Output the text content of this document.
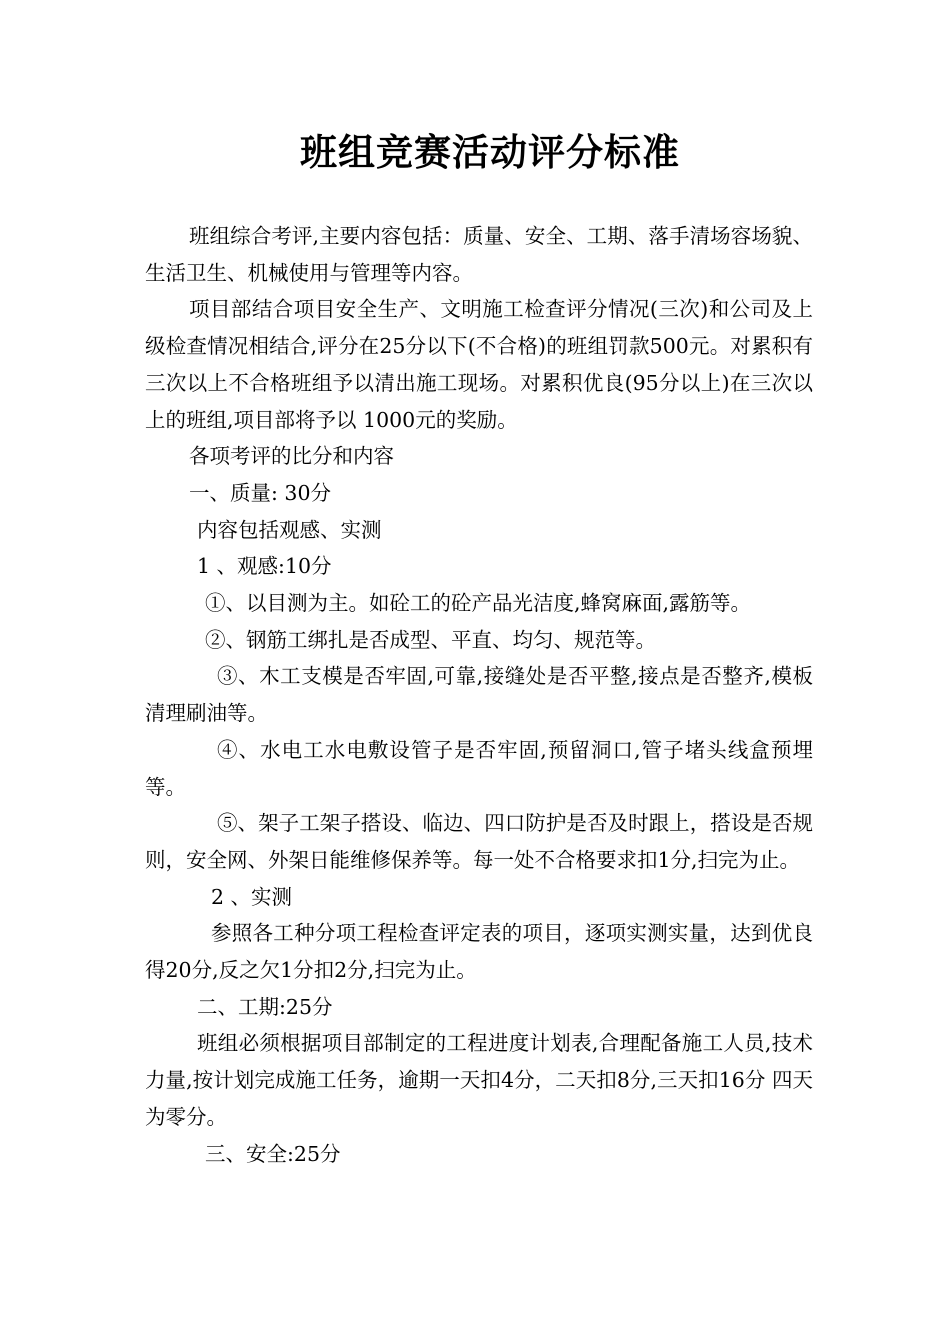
班组竞赛活动评分标准

班组综合考评,主要内容包括：质量、安全、工期、落手清场容场貌、生活卫生、机械使用与管理等内容。

项目部结合项目安全生产、文明施工检查评分情况(三次)和公司及上级检查情况相结合,评分在25分以下(不合格)的班组罚款500元。对累积有三次以上不合格班组予以清出施工现场。对累积优良(95分以上)在三次以上的班组,项目部将予以 1000元的奖励。

各项考评的比分和内容

一、质量: 30分

内容包括观感、实测

1 、观感:10分

①、以目测为主。如砼工的砼产品光洁度,蜂窝麻面,露筋等。

②、钢筋工绑扎是否成型、平直、均匀、规范等。

③、木工支模是否牢固,可靠,接缝处是否平整,接点是否整齐,模板清理刷油等。

④、水电工水电敷设管子是否牢固,预留洞口,管子堵头线盒预埋等。

⑤、架子工架子搭设、临边、四口防护是否及时跟上，搭设是否规则，安全网、外架日能维修保养等。每一处不合格要求扣1分,扫完为止。

2 、实测

参照各工种分项工程检查评定表的项目，逐项实测实量，达到优良得20分,反之欠1分扣2分,扫完为止。

二、工期:25分

班组必须根据项目部制定的工程进度计划表,合理配备施工人员,技术力量,按计划完成施工任务，逾期一天扣4分，二天扣8分,三天扣16分 四天为零分。

三、安全:25分
